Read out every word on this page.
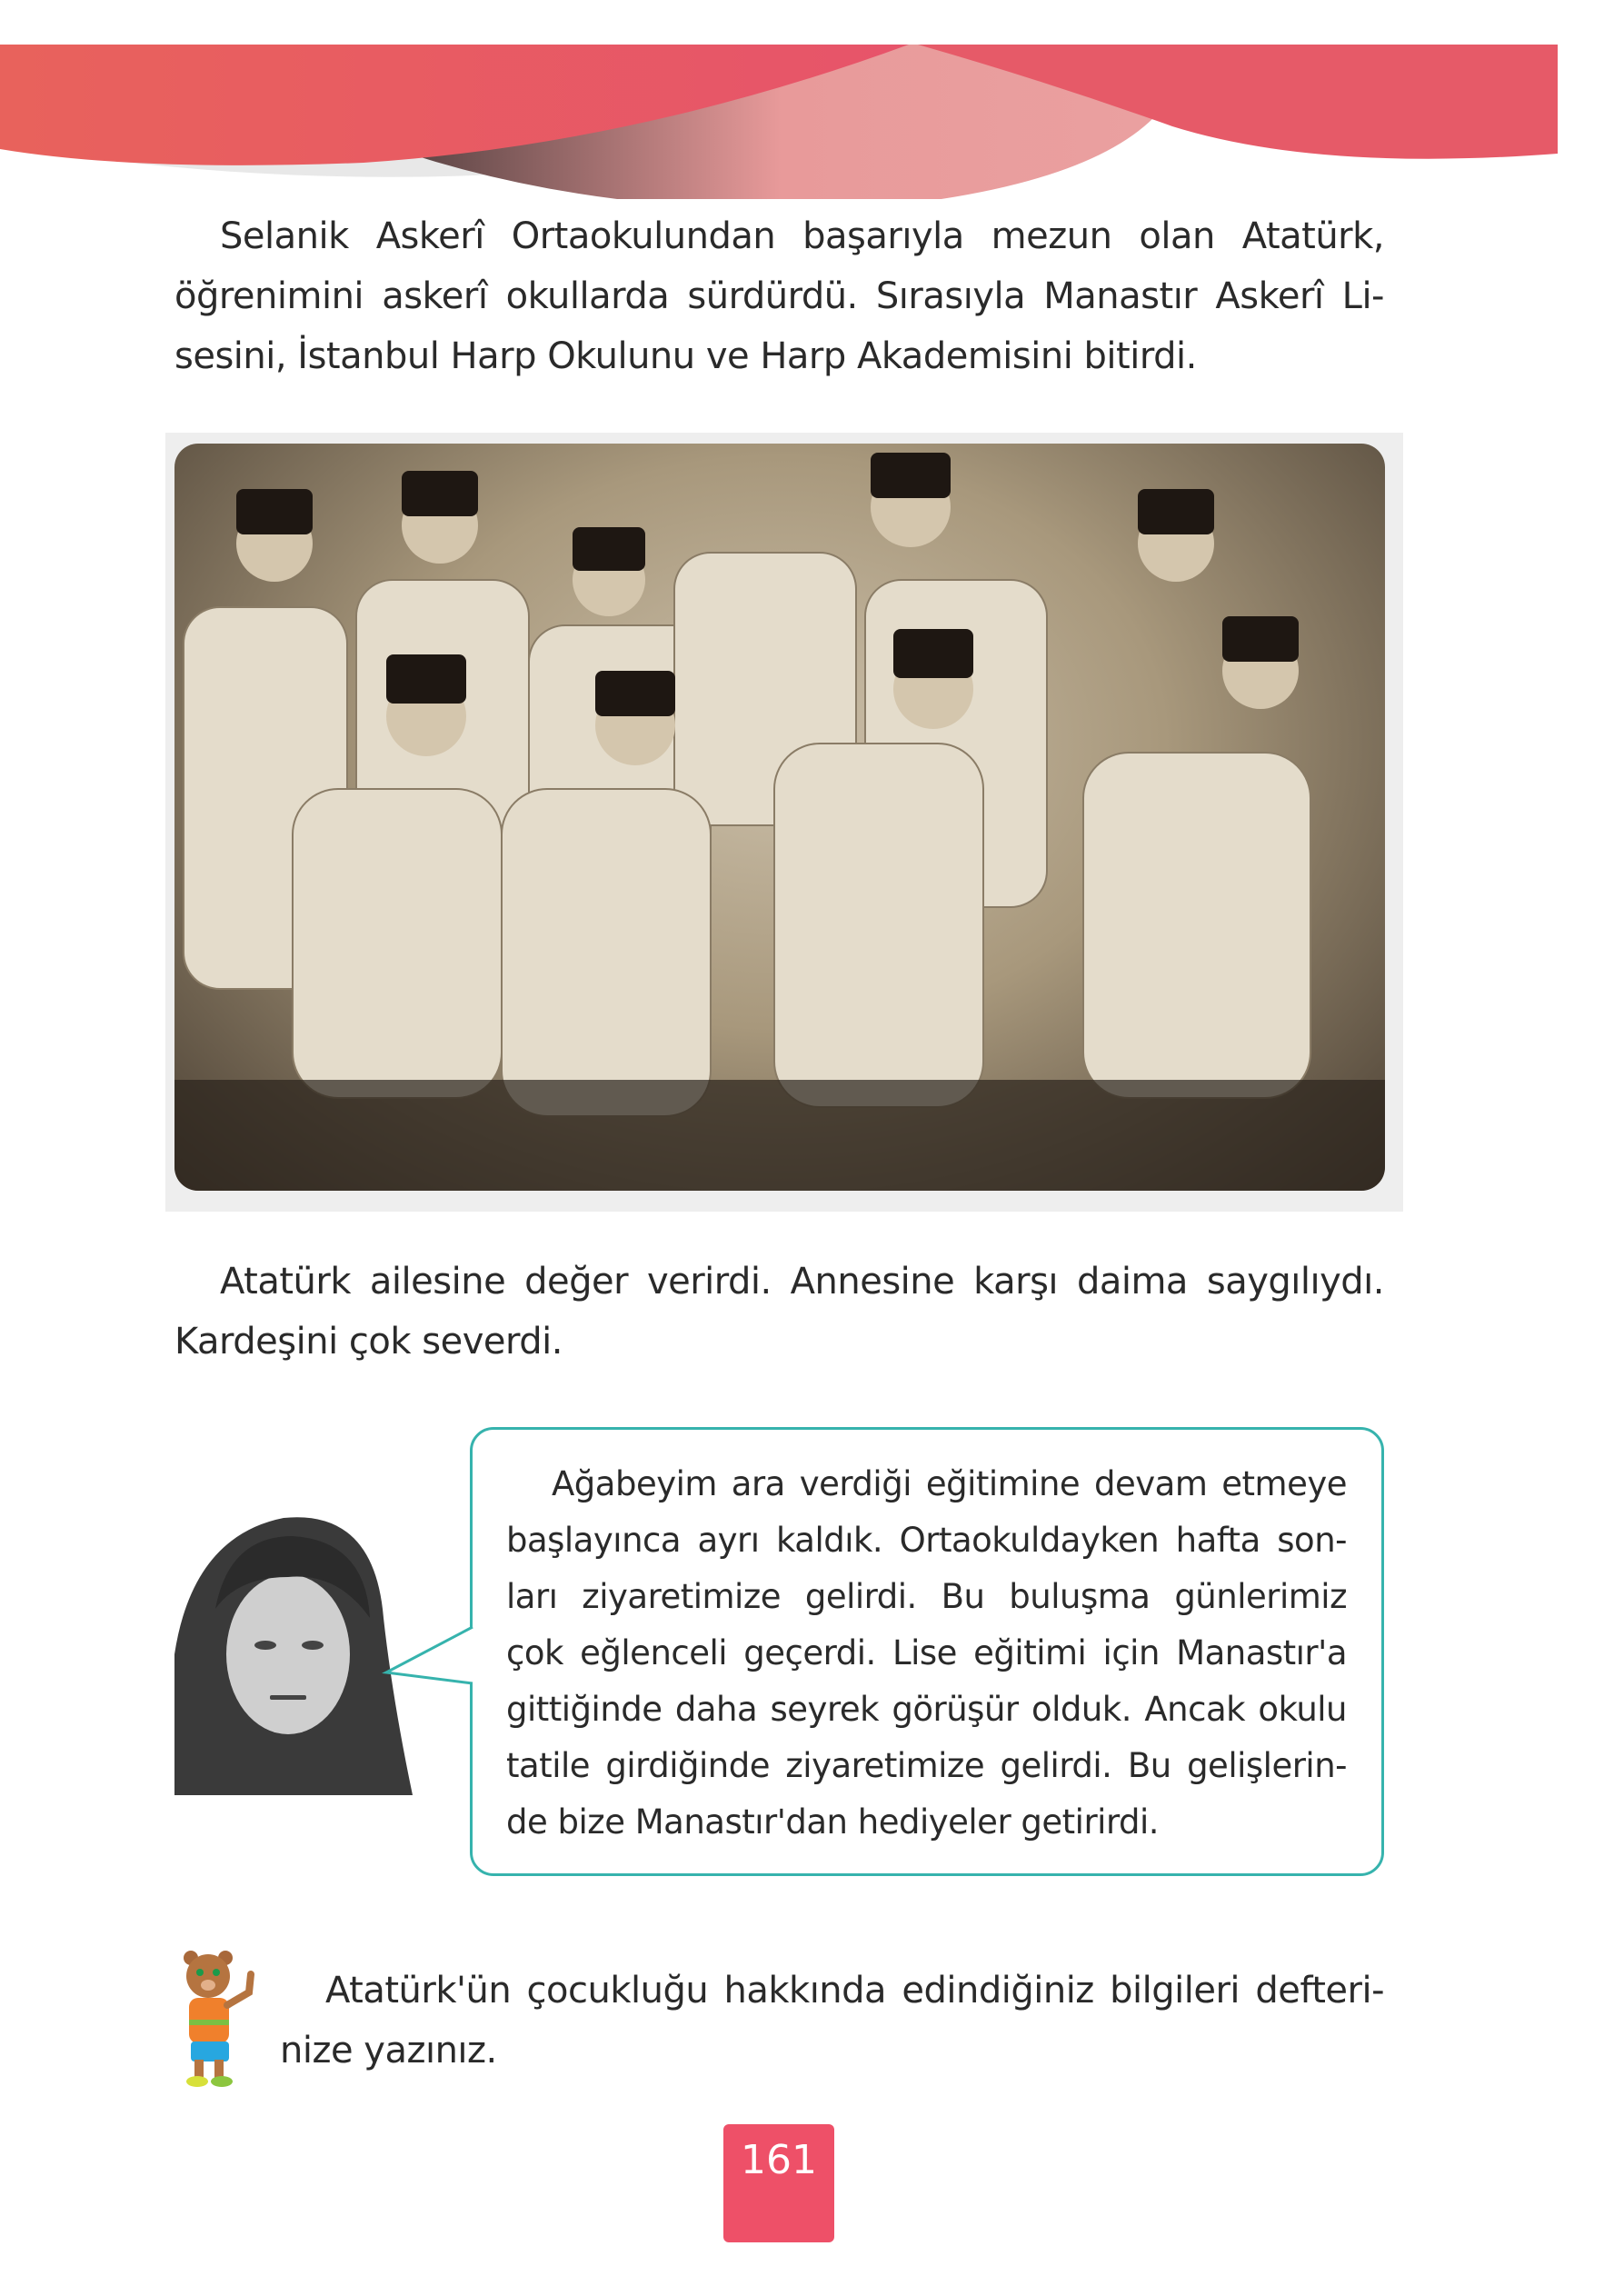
Selanik Askerî Ortaokulundan başarıyla mezun olan Atatürk,
öğrenimini askerî okullarda sürdürdü. Sırasıyla Manastır Askerî Li-
sesini, İstanbul Harp Okulunu ve Harp Akademisini bitirdi.
Atatürk ailesine değer verirdi. Annesine karşı daima saygılıydı.
Kardeşini çok severdi.
Ağabeyim ara verdiği eğitimine devam etmeye
başlayınca ayrı kaldık. Ortaokuldayken hafta son-
ları ziyaretimize gelirdi. Bu buluşma günlerimiz
çok eğlenceli geçerdi. Lise eğitimi için Manastır'a
gittiğinde daha seyrek görüşür olduk. Ancak okulu
tatile girdiğinde ziyaretimize gelirdi. Bu gelişlerin-
de bize Manastır'dan hediyeler getirirdi.
Atatürk'ün çocukluğu hakkında edindiğiniz bilgileri defteri-
nize yazınız.
161
